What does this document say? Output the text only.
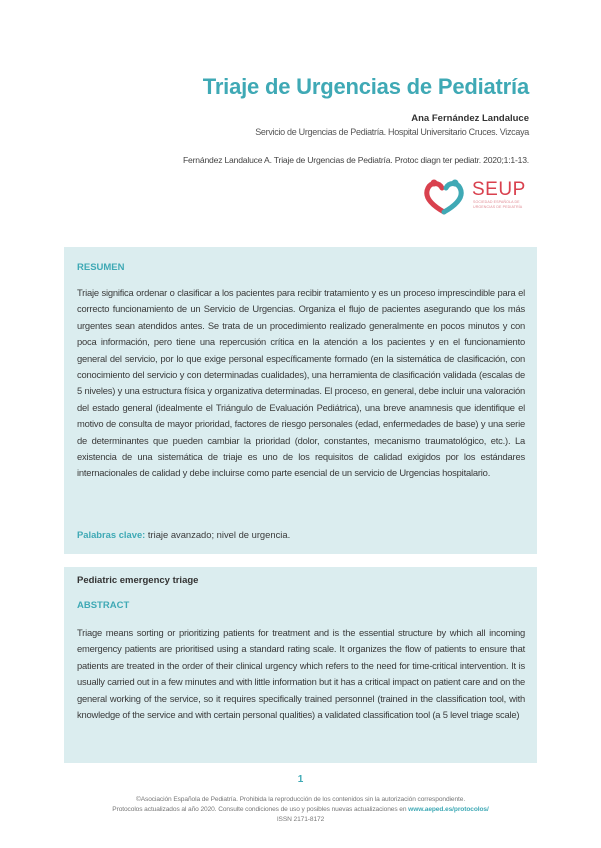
Triaje de Urgencias de Pediatría
Ana Fernández Landaluce
Servicio de Urgencias de Pediatría. Hospital Universitario Cruces. Vizcaya
Fernández Landaluce A. Triaje de Urgencias de Pediatría. Protoc diagn ter pediatr. 2020;1:1-13.
SEUP
SOCIEDAD ESPAÑOLA DE URGENCIAS DE PEDIATRÍA
RESUMEN
Triaje significa ordenar o clasificar a los pacientes para recibir tratamiento y es un proceso imprescindible para el correcto funcionamiento de un Servicio de Urgencias. Organiza el flujo de pacientes asegurando que los más urgentes sean atendidos antes. Se trata de un procedimiento realizado generalmente en pocos minutos y con poca información, pero tiene una repercusión crítica en la atención a los pacientes y en el funcionamiento general del servicio, por lo que exige personal específicamente formado (en la sistemática de clasificación, con conocimiento del servicio y con determinadas cualidades), una herramienta de clasificación validada (escalas de 5 niveles) y una estructura física y organizativa determinadas. El proceso, en general, debe incluir una valoración del estado general (idealmente el Triángulo de Evaluación Pediátrica), una breve anamnesis que identifique el motivo de consulta de mayor prioridad, factores de riesgo personales (edad, enfermedades de base) y una serie de determinantes que pueden cambiar la prioridad (dolor, constantes, mecanismo traumatológico, etc.). La existencia de una sistemática de triaje es uno de los requisitos de calidad exigidos por los estándares internacionales de calidad y debe incluirse como parte esencial de un servicio de Urgencias hospitalario.
Palabras clave: triaje avanzado; nivel de urgencia.
Pediatric emergency triage
ABSTRACT
Triage means sorting or prioritizing patients for treatment and is the essential structure by which all incoming emergency patients are prioritised using a standard rating scale. It organizes the flow of patients to ensure that patients are treated in the order of their clinical urgency which refers to the need for time-critical intervention. It is usually carried out in a few minutes and with little information but it has a critical impact on patient care and on the general working of the service, so it requires specifically trained personnel (trained in the classification tool, with knowledge of the service and with certain personal qualities) a validated classification tool (a 5 level triage scale)
1
©Asociación Española de Pediatría. Prohibida la reproducción de los contenidos sin la autorización correspondiente.
Protocolos actualizados al año 2020. Consulte condiciones de uso y posibles nuevas actualizaciones en www.aeped.es/protocolos/
ISSN 2171-8172
